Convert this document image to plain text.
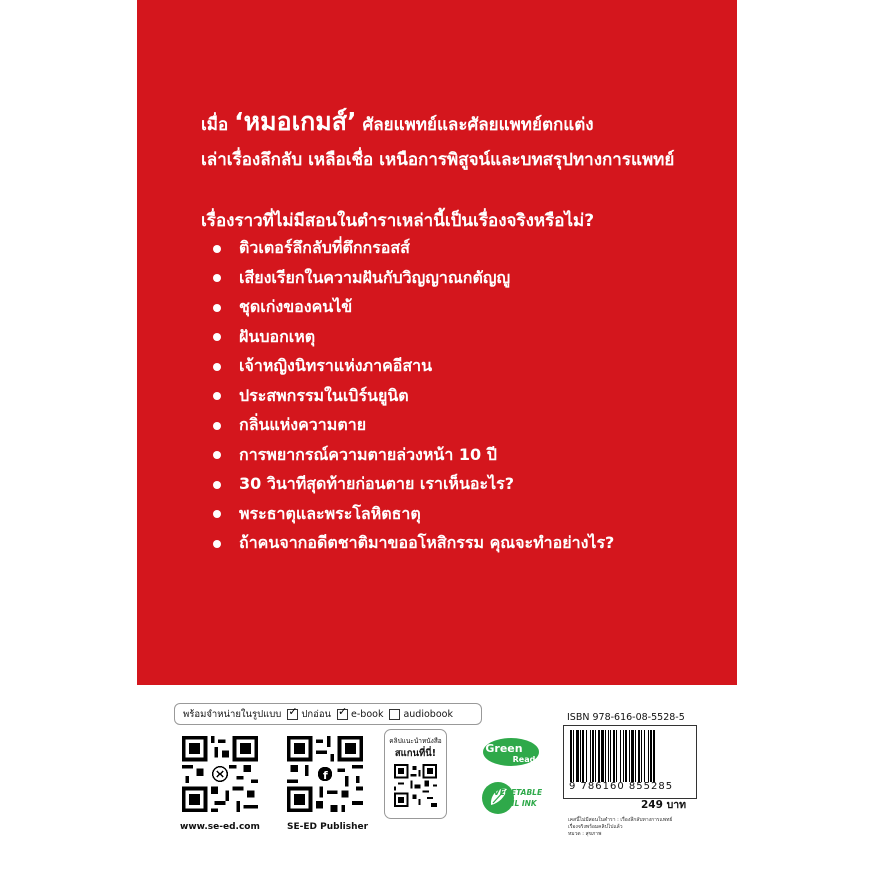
เมื่อ ‘หมอเกมส์’ ศัลยแพทย์และศัลยแพทย์ตกแต่ง
เล่าเรื่องลึกลับ เหลือเชื่อ เหนือการพิสูจน์และบทสรุปทางการแพทย์
เรื่องราวที่ไม่มีสอนในตำราเหล่านี้เป็นเรื่องจริงหรือไม่?
ติวเตอร์ลึกลับที่ตึกกรอสส์
เสียงเรียกในความฝันกับวิญญาณกตัญญู
ชุดเก่งของคนไข้
ฝันบอกเหตุ
เจ้าหญิงนิทราแห่งภาคอีสาน
ประสพกรรมในเบิร์นยูนิต
กลิ่นแห่งความตาย
การพยากรณ์ความตายล่วงหน้า 10 ปี
30 วินาทีสุดท้ายก่อนตาย เราเห็นอะไร?
พระธาตุและพระโลหิตธาตุ
ถ้าคนจากอดีตชาติมาขออโหสิกรรม คุณจะทำอย่างไร?
พร้อมจำหน่ายในรูปแบบ ✓ ปกอ่อน ✓ e-book audiobook
www.se-ed.com
f
SE-ED Publisher
คลิปแนะนำหนังสือ
สแกนที่นี่!	Green
Read
VEGETABLE
OIL INK
ISBN 978-616-08-5528-5
9 786160 855285
249 บาท
เคสนี้ไม่มีสอนในตำรา : เรื่องลึกลับทางการแพทย์
เรื่องจริงพร้อมคลิปไปแล้ว
หมวด : สุขภาพ
